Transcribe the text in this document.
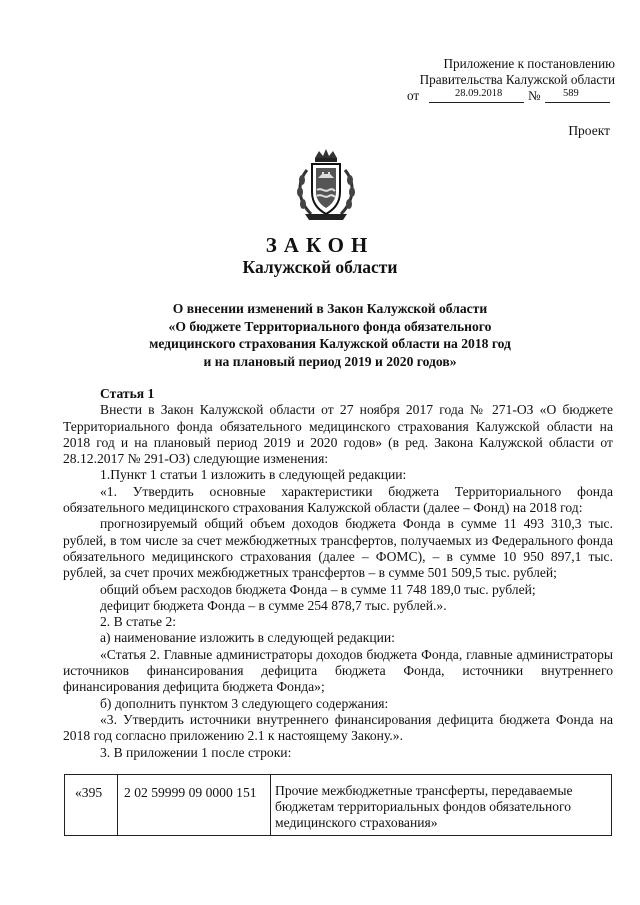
Приложение к постановлению
Правительства Калужской области
от	28.09.2018 № 589
Проект
ЗАКОН
Калужской области
О внесении изменений в Закон Калужской области
«О бюджете Территориального фонда обязательного
медицинского страхования Калужской области на 2018 год
и на плановый период 2019 и 2020 годов»

Статья 1

Внести в Закон Калужской области от 27 ноября 2017 года № 271-ОЗ «О бюджете Территориального фонда обязательного медицинского страхования Калужской области на 2018 год и на плановый период 2019 и 2020 годов» (в ред. Закона Калужской области от 28.12.2017 № 291-ОЗ) следующие изменения:

1.Пункт 1 статьи 1 изложить в следующей редакции:

«1. Утвердить основные характеристики бюджета Территориального фонда обязательного медицинского страхования Калужской области (далее – Фонд) на 2018 год:

прогнозируемый общий объем доходов бюджета Фонда в сумме 11 493 310,3 тыс. рублей, в том числе за счет межбюджетных трансфертов, получаемых из Федерального фонда обязательного медицинского страхования (далее – ФОМС), – в сумме 10 950 897,1 тыс. рублей, за счет прочих межбюджетных трансфертов – в сумме 501 509,5 тыс. рублей;

общий объем расходов бюджета Фонда – в сумме 11 748 189,0 тыс. рублей;

дефицит бюджета Фонда – в сумме 254 878,7 тыс. рублей.».

2. В статье 2:

а) наименование изложить в следующей редакции:

«Статья 2. Главные администраторы доходов бюджета Фонда, главные администраторы источников финансирования дефицита бюджета Фонда, источники внутреннего финансирования дефицита бюджета Фонда»;

б) дополнить пунктом 3 следующего содержания:

«3. Утвердить источники внутреннего финансирования дефицита бюджета Фонда на 2018 год согласно приложению 2.1 к настоящему Закону.».

3. В приложении 1 после строки:

«395	2 02 59999 09 0000 151	Прочие межбюджетные трансферты, передаваемые бюджетам территориальных фондов обязательного медицинского страхования»
